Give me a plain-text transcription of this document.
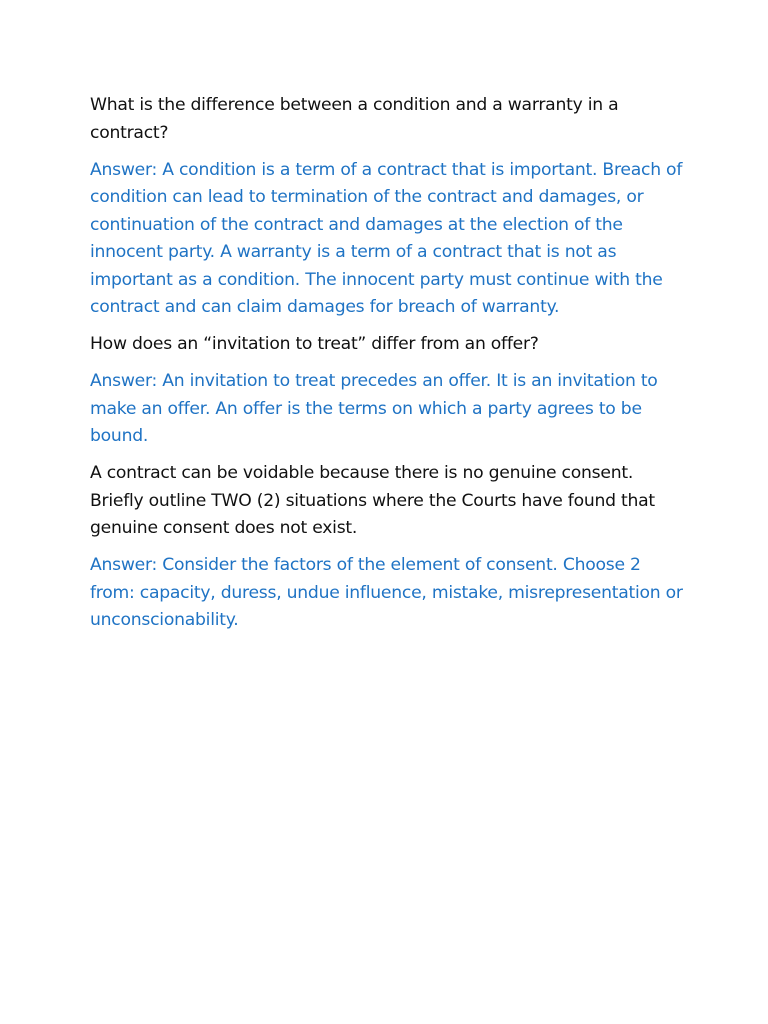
What is the difference between a condition and a warranty in a contract?

Answer: A condition is a term of a contract that is important. Breach of condition can lead to termination of the contract and damages, or continuation of the contract and damages at the election of the innocent party. A warranty is a term of a contract that is not as important as a condition. The innocent party must continue with the contract and can claim damages for breach of warranty.

How does an “invitation to treat” differ from an offer?

Answer: An invitation to treat precedes an offer. It is an invitation to make an offer. An offer is the terms on which a party agrees to be bound.

A contract can be voidable because there is no genuine consent. Briefly outline TWO (2) situations where the Courts have found that genuine consent does not exist.

Answer: Consider the factors of the element of consent. Choose 2 from: capacity, duress, undue influence, mistake, misrepresentation or unconscionability.
